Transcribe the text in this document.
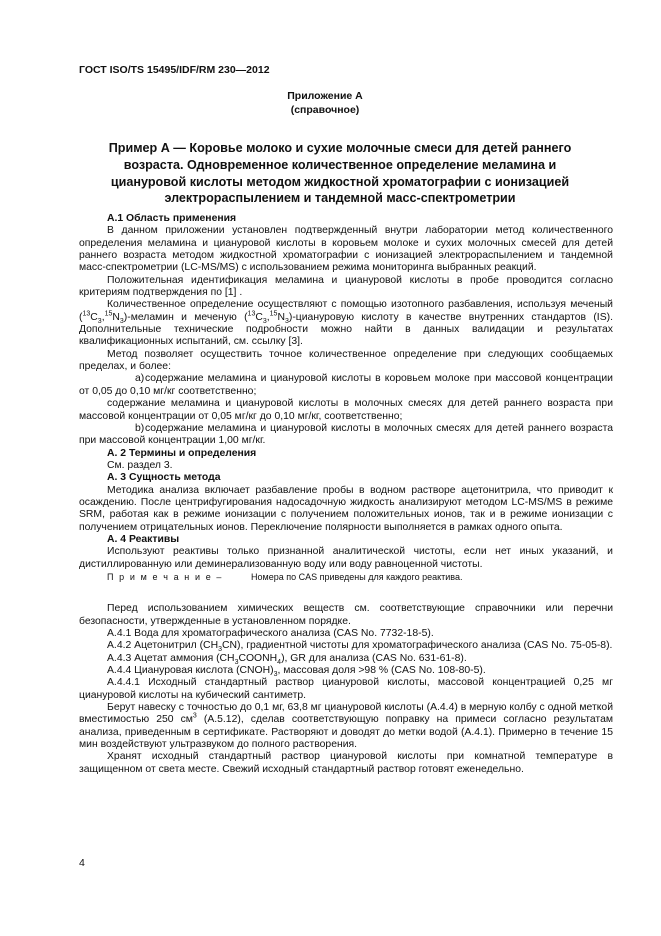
ГОСТ ISO/TS 15495/IDF/RM 230—2012
Приложение А
(справочное)
Пример А — Коровье молоко и сухие молочные смеси для детей раннего
возраста. Одновременное количественное определение меламина и
циануровой кислоты методом жидкостной хроматографии с ионизацией
электрораспылением и тандемной масс-спектрометрии

А.1 Область применения

В данном приложении установлен подтвержденный внутри лаборатории метод количественного определения меламина и циануровой кислоты в коровьем молоке и сухих молочных смесей для детей раннего возраста методом жидкостной хроматографии с ионизацией электрораспылением и тандемной масс-спектрометрии (LC-MS/MS) с использованием режима мониторинга выбранных реакций.

Положительная идентификация меламина и циануровой кислоты в пробе проводится согласно критериям подтверждения по [1] .

Количественное определение осуществляют с помощью изотопного разбавления, используя меченый $(^{13}C_3,^{15}N_3)$-меламин и меченую $(^{13}C_3,^{15}N_3)$-циануровую кислоту в качестве внутренних стандартов (IS). Дополнительные технические подробности можно найти в данных валидации и результатах квалификационных испытаний, см. ссылку [3].

Метод позволяет осуществить точное количественное определение при следующих сообщаемых пределах, и более:

a)содержание меламина и циануровой кислоты в коровьем молоке при массовой концентрации от 0,05 до 0,10 мг/кг соответственно;

содержание меламина и циануровой кислоты в молочных смесях для детей раннего возраста при массовой концентрации от 0,05 мг/кг до 0,10 мг/кг, соответственно;

b)содержание меламина и циануровой кислоты в молочных смесях для детей раннего возраста при массовой концентрации 1,00 мг/кг.

А. 2 Термины и определения

См. раздел 3.

А. 3 Сущность метода

Методика анализа включает разбавление пробы в водном растворе ацетонитрила, что приводит к осаждению. После центрифугирования надосадочную жидкость анализируют методом LC-MS/MS в режиме SRM, работая как в режиме ионизации с получением положительных ионов, так и в режиме ионизации с получением отрицательных ионов. Переключение полярности выполняется в рамках одного опыта.

А. 4 Реактивы

Используют реактивы только признанной аналитической чистоты, если нет иных указаний, и дистиллированную или деминерализованную воду или воду равноценной чистоты.

П р и м е ч а н и е –	Номера по CAS приведены для каждого реактива.

Перед использованием химических веществ см. соответствующие справочники или перечни безопасности, утвержденные в установленном порядке.

А.4.1 Вода для хроматографического анализа (CAS No. 7732-18-5).

А.4.2 Ацетонитрил $(CH_3CN)$, градиентной чистоты для хроматографического анализа (CAS No. 75-05-8).

А.4.3 Ацетат аммония $(CH_3COONH_4)$, GR для анализа (CAS No. 631-61-8).

А.4.4 Циануровая кислота $(CNOH)_3$, массовая доля >98 % (CAS No. 108-80-5).

А.4.4.1 Исходный стандартный раствор циануровой кислоты, массовой концентрацией 0,25 мг циануровой кислоты на кубический сантиметр.

Берут навеску с точностью до 0,1 мг, 63,8 мг циануровой кислоты (А.4.4) в мерную колбу с одной меткой вместимостью 250 $см^3$ (А.5.12), сделав соответствующую поправку на примеси согласно результатам анализа, приведенным в сертификате. Растворяют и доводят до метки водой (А.4.1). Примерно в течение 15 мин воздействуют ультразвуком до полного растворения.

Хранят исходный стандартный раствор циануровой кислоты при комнатной температуре в защищенном от света месте. Свежий исходный стандартный раствор готовят еженедельно.

4
